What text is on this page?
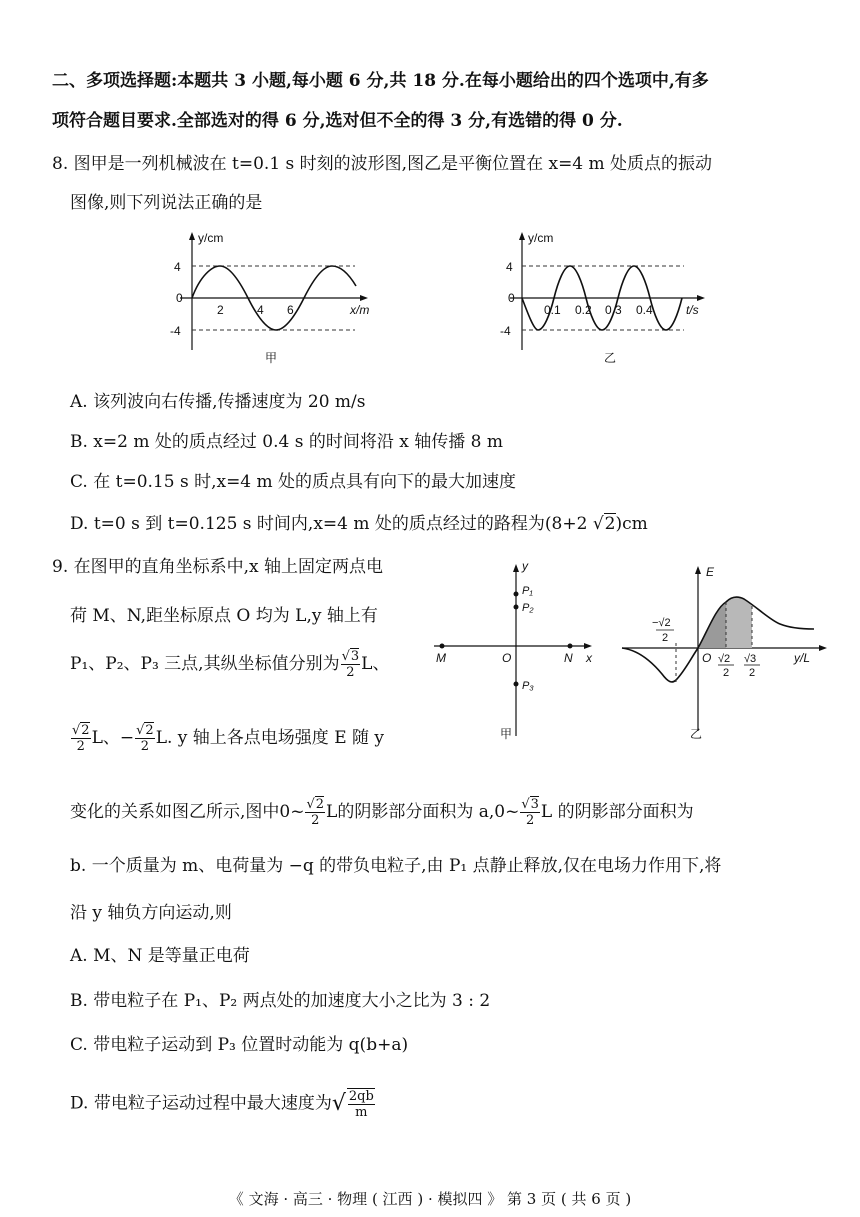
二、多项选择题:本题共 3 小题,每小题 6 分,共 18 分.在每小题给出的四个选项中,有多
项符合题目要求.全部选对的得 6 分,选对但不全的得 3 分,有选错的得 0 分.
8. 图甲是一列机械波在 t=0.1 s 时刻的波形图,图乙是平衡位置在 x=4 m 处质点的振动
图像,则下列说法正确的是
y/cm
4
0
-4
2	4 6	x/m
甲
y/cm
4
0
-4
0.1 0.2 0.3 0.4	t/s
乙
A. 该列波向右传播,传播速度为 20 m/s
B. x=2 m 处的质点经过 0.4 s 的时间将沿 x 轴传播 8 m
C. 在 t=0.15 s 时,x=4 m 处的质点具有向下的最大加速度
D. t=0 s 到 t=0.125 s 时间内,x=4 m 处的质点经过的路程为(8+2 √2)cm
9. 在图甲的直角坐标系中,x 轴上固定两点电
荷 M、N,距坐标原点 O 均为 L,y 轴上有
P₁、P₂、P₃ 三点,其纵坐标值分别为 $\frac{√3}{2}$ L、
$\frac{√2}{2}$ L、− $\frac{√2}{2} L$. y 轴上各点电场强度 E 随 y
y
P₁
P₂
P₃
M	O	N x
甲
E
O	y/L
−√2
2
√2
2
√3
2
乙
变化的关系如图乙所示,图中0~ $\frac{√2}{2}$ L的阴影部分面积为 a,0~ $\frac{√3}{2}$ L 的阴影部分面积为
b. 一个质量为 m、电荷量为 −q 的带负电粒子,由 P₁ 点静止释放,仅在电场力作用下,将
沿 y 轴负方向运动,则
A. M、N 是等量正电荷
B. 带电粒子在 P₁、P₂ 两点处的加速度大小之比为 3 : 2
C. 带电粒子运动到 P₃ 位置时动能为 q(b+a)
D. 带电粒子运动过程中最大速度为√ $\frac{2qb}{m}$
《 文海 · 高三 · 物理 ( 江西 ) · 模拟四 》 第 3 页 ( 共 6 页 )
